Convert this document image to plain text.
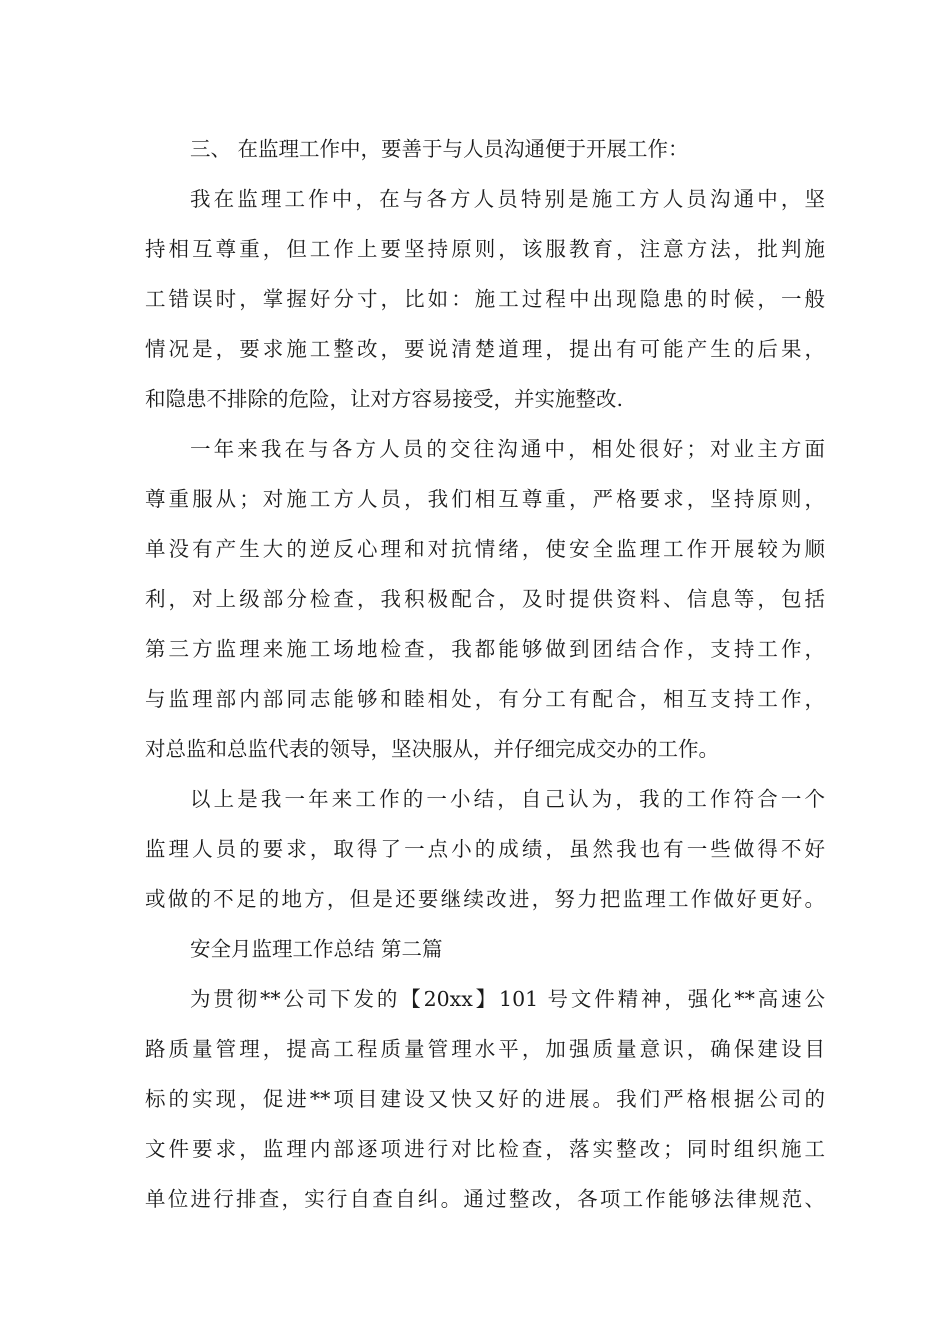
三、 在监理工作中，要善于与人员沟通便于开展工作：
我在监理工作中，在与各方人员特别是施工方人员沟通中，坚
持相互尊重，但工作上要坚持原则，该服教育，注意方法，批判施
工错误时，掌握好分寸，比如：施工过程中出现隐患的时候，一般
情况是，要求施工整改，要说清楚道理，提出有可能产生的后果，
和隐患不排除的危险，让对方容易接受，并实施整改.
一年来我在与各方人员的交往沟通中，相处很好；对业主方面
尊重服从；对施工方人员，我们相互尊重，严格要求，坚持原则，
单没有产生大的逆反心理和对抗情绪，使安全监理工作开展较为顺
利，对上级部分检查，我积极配合，及时提供资料、信息等，包括
第三方监理来施工场地检查，我都能够做到团结合作，支持工作，
与监理部内部同志能够和睦相处，有分工有配合，相互支持工作，
对总监和总监代表的领导，坚决服从，并仔细完成交办的工作。
以上是我一年来工作的一小结，自己认为，我的工作符合一个
监理人员的要求，取得了一点小的成绩，虽然我也有一些做得不好
或做的不足的地方，但是还要继续改进，努力把监理工作做好更好。
安全月监理工作总结 第二篇
为贯彻**公司下发的【20xx】101 号文件精神，强化**高速公
路质量管理，提高工程质量管理水平，加强质量意识，确保建设目
标的实现，促进**项目建设又快又好的进展。我们严格根据公司的
文件要求，监理内部逐项进行对比检查，落实整改；同时组织施工
单位进行排查，实行自查自纠。通过整改，各项工作能够法律规范、
